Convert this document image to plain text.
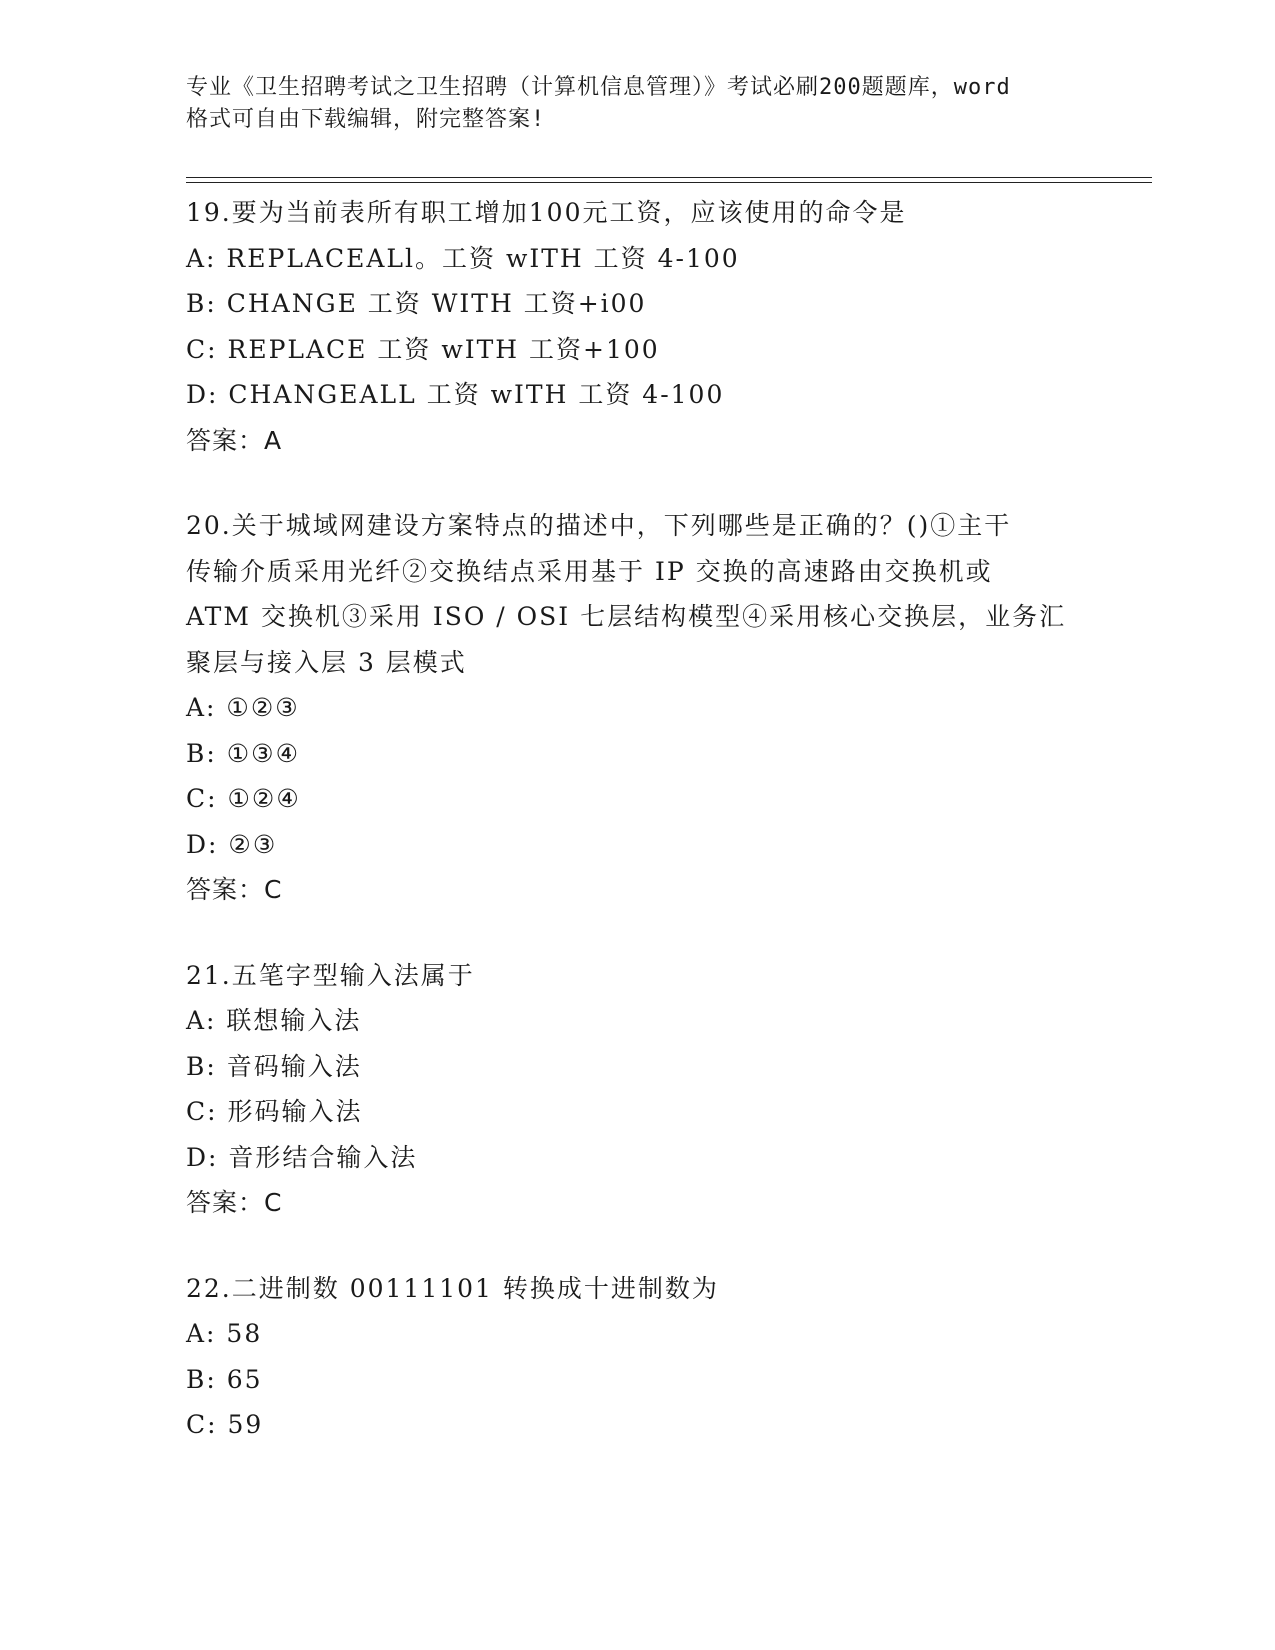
专业《卫生招聘考试之卫生招聘（计算机信息管理）》考试必刷200题题库，word
格式可自由下载编辑，附完整答案!
19.要为当前表所有职工增加100元工资，应该使用的命令是
A: REPLACEALl。工资 wITH 工资 4-100
B: CHANGE 工资 WITH 工资+i00
C: REPLACE 工资 wITH 工资+100
D: CHANGEALL 工资 wITH 工资 4-100
答案：A
20.关于城域网建设方案特点的描述中，下列哪些是正确的？()①主干
传输介质采用光纤②交换结点采用基于 IP 交换的高速路由交换机或
ATM 交换机③采用 ISO / OSI 七层结构模型④采用核心交换层，业务汇
聚层与接入层 3 层模式
A: ①②③
B: ①③④
C: ①②④
D: ②③
答案：C
21.五笔字型输入法属于
A: 联想输入法
B: 音码输入法
C: 形码输入法
D: 音形结合输入法
答案：C
22.二进制数 00111101 转换成十进制数为
A: 58
B: 65
C: 59
